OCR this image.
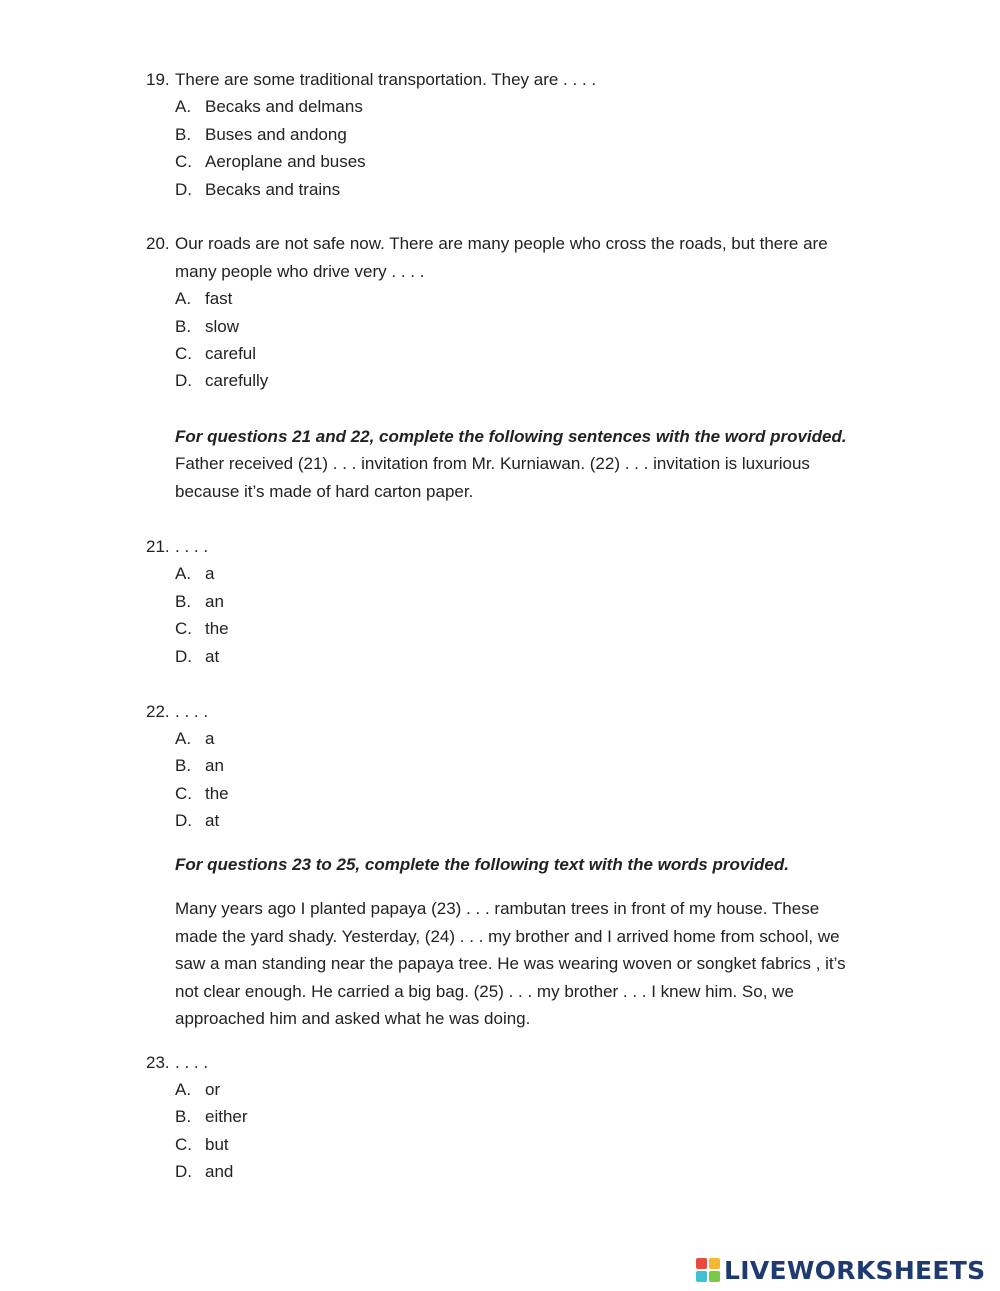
19. There are some traditional transportation. They are . . . .
A. Becaks and delmans
B. Buses and andong
C. Aeroplane and buses
D. Becaks and trains
20. Our roads are not safe now. There are many people who cross the roads, but there are
many people who drive very . . . .
A. fast
B. slow
C. careful
D. carefully
For questions 21 and 22, complete the following sentences with the word provided.
Father received (21) . . . invitation from Mr. Kurniawan. (22) . . . invitation is luxurious
because it’s made of hard carton paper.
21. . . . .
A. a
B. an
C. the
D. at
22. . . . .
A. a
B. an
C. the
D. at
For questions 23 to 25, complete the following text with the words provided.
Many years ago I planted papaya (23) . . . rambutan trees in front of my house. These
made the yard shady. Yesterday, (24) . . . my brother and I arrived home from school, we
saw a man standing near the papaya tree. He was wearing woven or songket fabrics , it’s
not clear enough. He carried a big bag. (25) . . . my brother . . . I knew him. So, we
approached him and asked what he was doing.
23. . . . .
A. or
B. either
C. but
D. and
LIVEWORKSHEETS
